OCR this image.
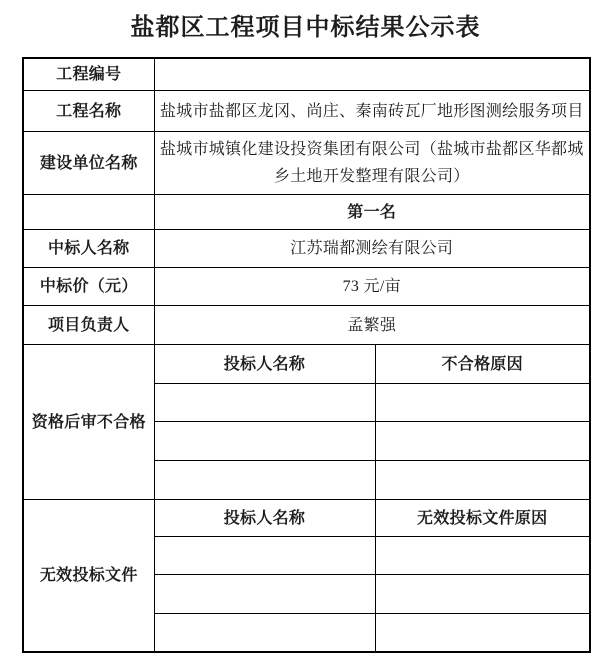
盐都区工程项目中标结果公示表
工程编号		
工程名称	盐城市盐都区龙冈、尚庄、秦南砖瓦厂地形图测绘服务项目	
建设单位名称	盐城市城镇化建设投资集团有限公司（盐城市盐都区华都城乡土地开发整理有限公司）	
	第一名	
中标人名称	江苏瑞都测绘有限公司	
中标价（元）	73 元/亩	
项目负责人	孟繁强	
资格后审不合格	投标人名称	不合格原因

无效投标文件	投标人名称	无效投标文件原因
